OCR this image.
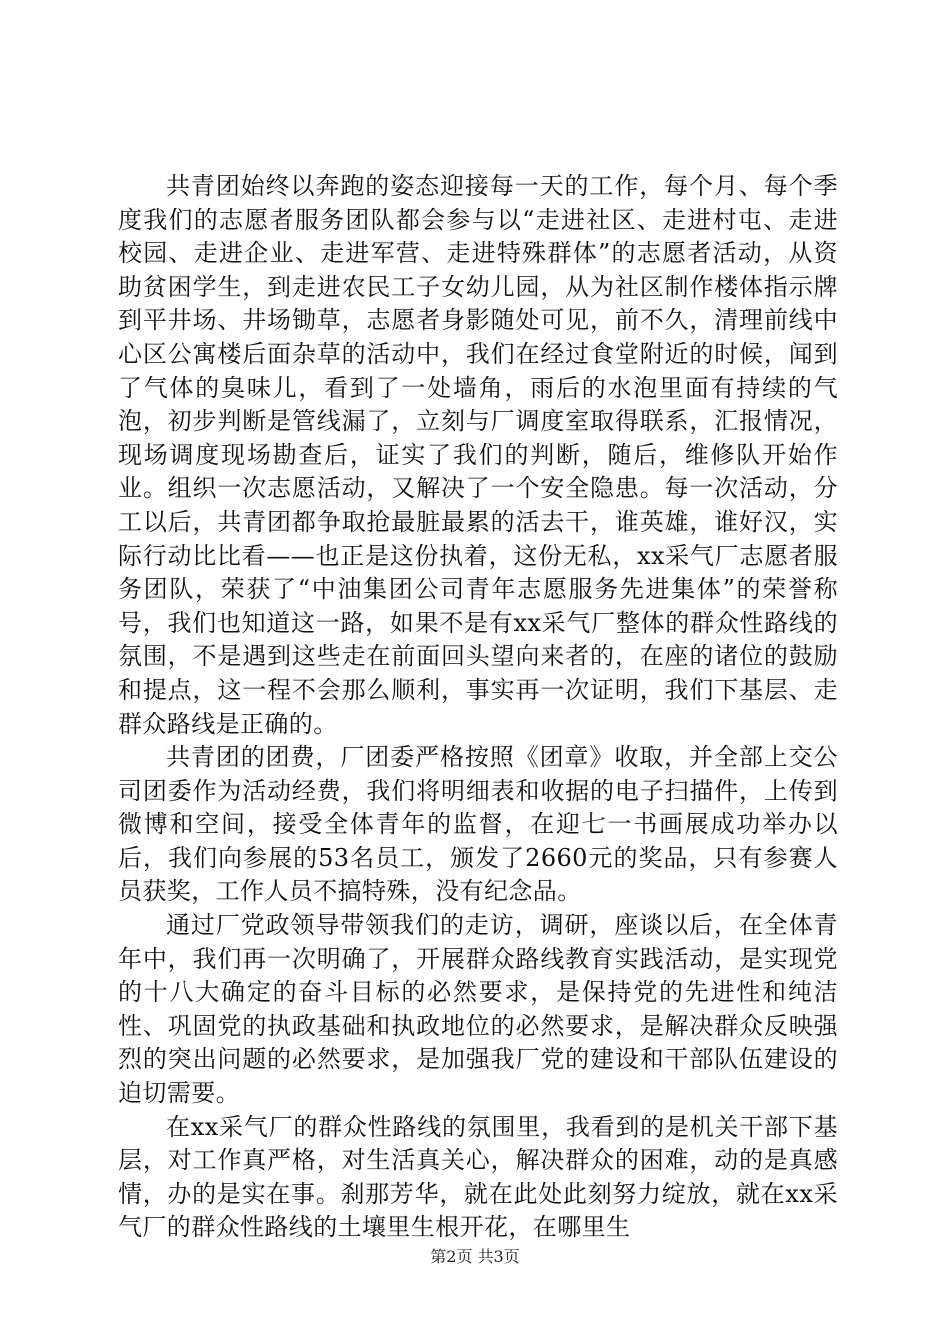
共青团始终以奔跑的姿态迎接每一天的工作，每个月、每个季度我们的志愿者服务团队都会参与以“走进社区、走进村屯、走进校园、走进企业、走进军营、走进特殊群体”的志愿者活动，从资助贫困学生，到走进农民工子女幼儿园，从为社区制作楼体指示牌到平井场、井场锄草，志愿者身影随处可见，前不久，清理前线中心区公寓楼后面杂草的活动中，我们在经过食堂附近的时候，闻到了气体的臭味儿，看到了一处墙角，雨后的水泡里面有持续的气泡，初步判断是管线漏了，立刻与厂调度室取得联系，汇报情况，现场调度现场勘查后，证实了我们的判断，随后，维修队开始作业。组织一次志愿活动，又解决了一个安全隐患。每一次活动，分工以后，共青团都争取抢最脏最累的活去干，谁英雄，谁好汉，实际行动比比看——也正是这份执着，这份无私，xx采气厂志愿者服务团队，荣获了“中油集团公司青年志愿服务先进集体”的荣誉称号，我们也知道这一路，如果不是有xx采气厂整体的群众性路线的氛围，不是遇到这些走在前面回头望向来者的，在座的诸位的鼓励和提点，这一程不会那么顺利，事实再一次证明，我们下基层、走群众路线是正确的。

共青团的团费，厂团委严格按照《团章》收取，并全部上交公司团委作为活动经费，我们将明细表和收据的电子扫描件，上传到微博和空间，接受全体青年的监督，在迎七一书画展成功举办以后，我们向参展的53名员工，颁发了2660元的奖品，只有参赛人员获奖，工作人员不搞特殊，没有纪念品。

通过厂党政领导带领我们的走访，调研，座谈以后，在全体青年中，我们再一次明确了，开展群众路线教育实践活动，是实现党的十八大确定的奋斗目标的必然要求，是保持党的先进性和纯洁性、巩固党的执政基础和执政地位的必然要求，是解决群众反映强烈的突出问题的必然要求，是加强我厂党的建设和干部队伍建设的迫切需要。

在xx采气厂的群众性路线的氛围里，我看到的是机关干部下基层，对工作真严格，对生活真关心，解决群众的困难，动的是真感情，办的是实在事。刹那芳华，就在此处此刻努力绽放，就在xx采气厂的群众性路线的土壤里生根开花，在哪里生

第2页 共3页
